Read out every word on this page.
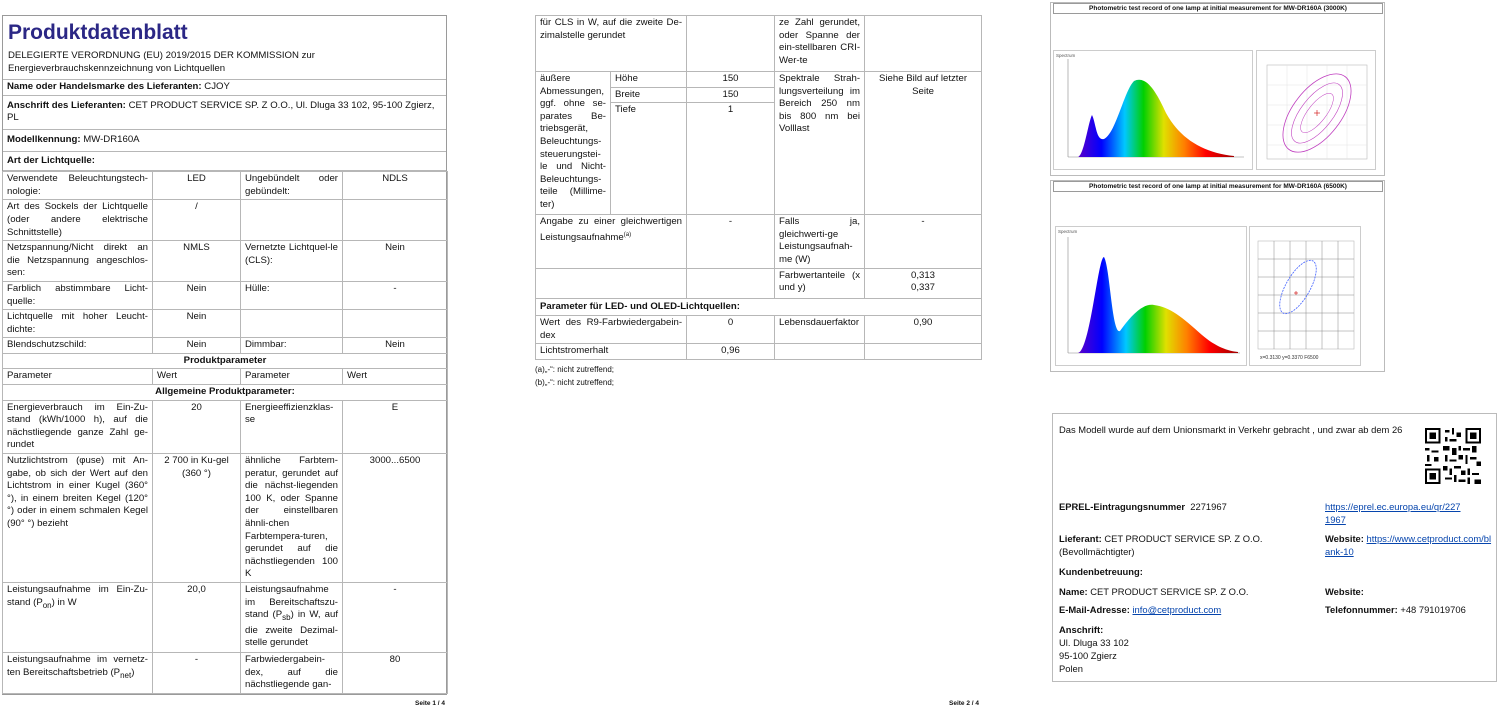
Produktdatenblatt
DELEGIERTE VERORDNUNG (EU) 2019/2015 DER KOMMISSION zur Energieverbrauchskennzeichnung von Lichtquellen
Name oder Handelsmarke des Lieferanten: CJOY
Anschrift des Lieferanten: CET PRODUCT SERVICE SP. Z O.O., Ul. Dluga 33 102, 95-100 Zgierz, PL
Modellkennung: MW-DR160A
Art der Lichtquelle:
Verwendete Beleuchtungstech-nologie:	LED	Ungebündelt oder gebündelt:	NDLS
Art des Sockels der Lichtquelle (oder andere elektrische Schnittstelle)	/		
Netzspannung/Nicht direkt an die Netzspannung angeschlos-sen:	NMLS	Vernetzte Lichtquel-le (CLS):	Nein
Farblich abstimmbare Licht-quelle:	Nein	Hülle:	-
Lichtquelle mit hoher Leucht-dichte:	Nein		
Blendschutzschild:	Nein	Dimmbar:	Nein
Produktparameter			
Parameter	Wert	Parameter	Wert
Allgemeine Produktparameter:			
Energieverbrauch im Ein-Zu-stand (kWh/1000 h), auf die nächstliegende ganze Zahl ge-rundet	20	Energieeffizienzklas-se	E
Nutzlichtstrom (φuse) mit An-gabe, ob sich der Wert auf den Lichtstrom in einer Kugel (360° °), in einem breiten Kegel (120° °) oder in einem schmalen Kegel (90° °) bezieht	2 700 in Ku-gel (360 °)	ähnliche Farbtem-peratur, gerundet auf die nächst-liegenden 100 K, oder Spanne der einstellbaren ähnli-chen Farbtempera-turen, gerundet auf die nächstliegenden 100 K	3000...6500
Leistungsaufnahme im Ein-Zu-stand $(P_{on})$ in W	20,0	Leistungsaufnahme im Bereitschaftszu-stand $(P_{sb})$ in W, auf die zweite Dezimal-stelle gerundet	-
Leistungsaufnahme im vernetz-ten Bereitschaftsbetrieb $(P_{net})$	-	Farbwiedergabein-dex, auf die nächstliegende gan-	80
Seite 1 / 4
für CLS in W, auf die zweite De-zimalstelle gerundet			ze Zahl gerundet, oder Spanne der ein-stellbaren CRI-Wer-te	
äußere Abmessungen, ggf. ohne se-parates Be-triebsgerät, Beleuchtungs-steuerungstei-le und Nicht-Beleuchtungs-teile (Millime-ter)	Höhe	150	Spektrale Strah-lungsverteilung im Bereich 250 nm bis 800 nm bei Volllast	Siehe Bild auf letzter Seite
	Breite	150		
	Tiefe	1		
Angabe zu einer gleichwertigen Leistungsaufnahme$^{(a)}$		-	Falls ja, gleichwerti-ge Leistungsaufnah-me (W)	-
			Farbwertanteile (x und y)	0,313
0,337

Parameter für LED- und OLED-Lichtquellen:				
Wert des R9-Farbwiedergabein-dex		0	Lebensdauerfaktor	0,90
Lichtstromerhalt		0,96		
(a)„-“: nicht zutreffend;
(b)„-“: nicht zutreffend;
Seite 2 / 4
Photometric test record of one lamp at initial measurement for MW-DR160A (3000K)
Spectrum
Photometric test record of one lamp at initial measurement for MW-DR160A (6500K)
Spectrum
x=0.3130 y=0.3370 F6500
Das Modell wurde auf dem Unionsmarkt in Verkehr gebracht , und zwar ab dem 26
EPREL-Eintragungsnummer 2271967	https://eprel.ec.europa.eu/qr/2271967
Lieferant: CET PRODUCT SERVICE SP. Z O.O. (Bevollmächtigter)
Website: https://www.cetproduct.com/blank-10
Kundenbetreuung:
Name: CET PRODUCT SERVICE SP. Z O.O.	Website:
E-Mail-Adresse: info@cetproduct.com	Telefonnummer: +48 791019706
Anschrift:
Ul. Dluga 33 102
95-100 Zgierz
Polen
